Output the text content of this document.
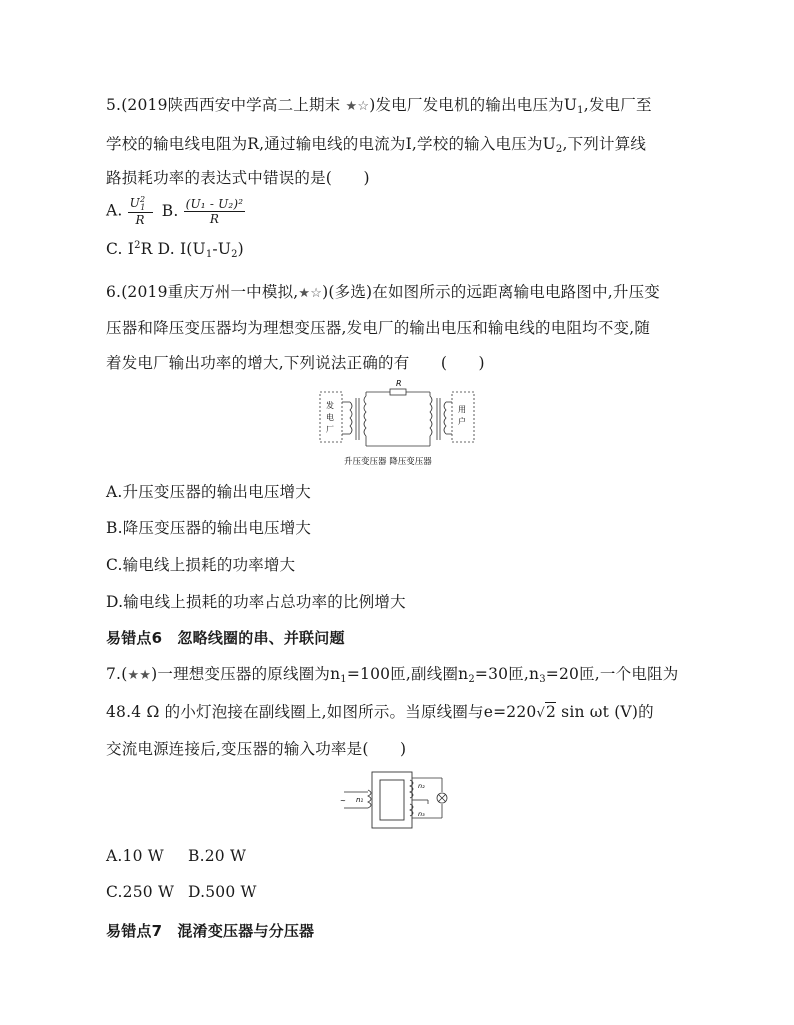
5.(2019陕西西安中学高二上期末 ★☆)发电厂发电机的输出电压为$U_1$,发电厂至
学校的输电线电阻为R,通过输电线的电流为I,学校的输入电压为$U_2$,下列计算线
路损耗功率的表达式中错误的是(　　)
A. $\frac{U21}{R} B$. $\frac{\text{(U₁ - U₂)²}}{R}$
C. $I^2R$ D. $I(U_1-U_2)$
6.(2019重庆万州一中模拟,★☆)(多选)在如图所示的远距离输电电路图中,升压变
压器和降压变压器均为理想变压器,发电厂的输出电压和输电线的电阻均不变,随
着发电厂输出功率的增大,下列说法正确的有　　(　　)
发
电
厂
R
用
户
升压变压器 降压变压器
A.升压变压器的输出电压增大
B.降压变压器的输出电压增大
C.输电线上损耗的功率增大
D.输电线上损耗的功率占总功率的比例增大
易错点6　忽略线圈的串、并联问题
7.(★★)一理想变压器的原线圈为$n_1=100$匝,副线圈$n_2=30$匝$,n_3=20$匝,一个电阻为
48.4 Ω 的小灯泡接在副线圈上,如图所示。当原线圈与e=220√2 sin ωt (V)的
交流电源连接后,变压器的输入功率是(　　)
~ n₁
n₂
n₃
A.10 W B.20 W
C.250 W D.500 W
易错点7　混淆变压器与分压器
